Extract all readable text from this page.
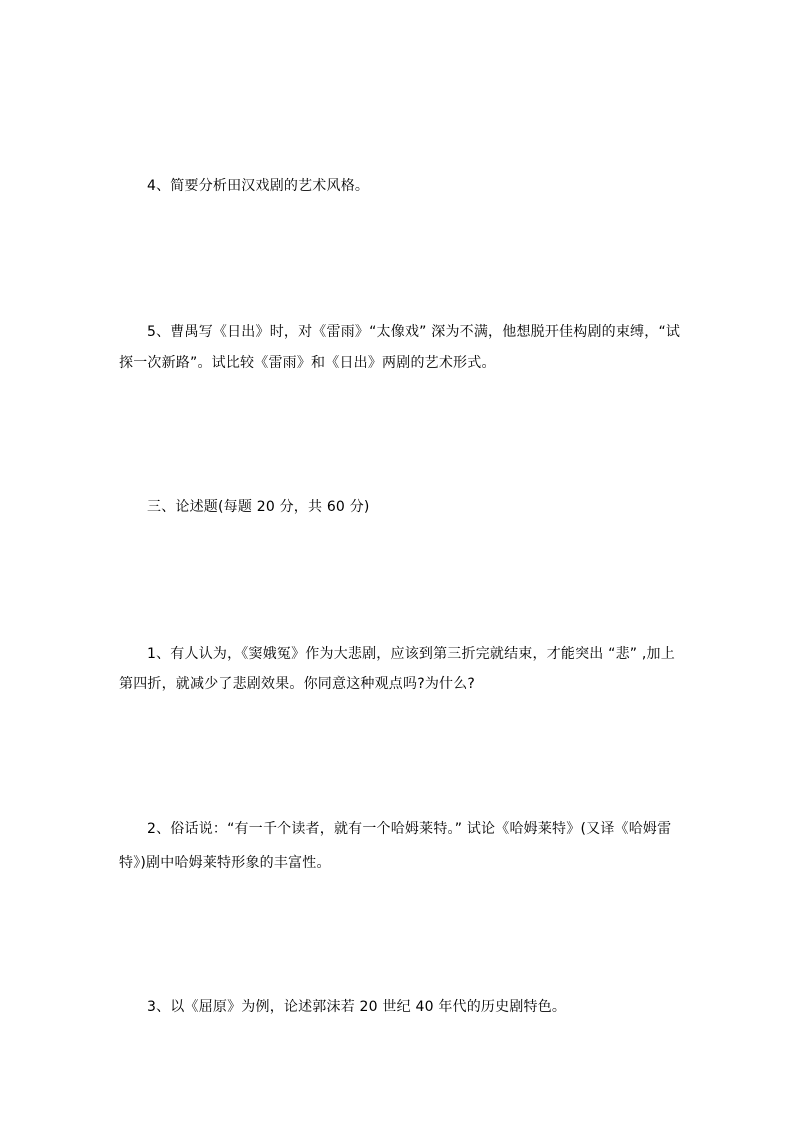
4、简要分析田汉戏剧的艺术风格。
5、曹禺写《日出》时，对《雷雨》“太像戏” 深为不满，他想脱开佳构剧的束缚，“试
探一次新路”。试比较《雷雨》和《日出》两剧的艺术形式。
三、论述题(每题 20 分，共 60 分)
1、有人认为，《窦娥冤》作为大悲剧，应该到第三折完就结束，才能突出 “悲” ,加上
第四折，就减少了悲剧效果。你同意这种观点吗?为什么?
2、俗话说：“有一千个读者，就有一个哈姆莱特。” 试论《哈姆莱特》(又译《哈姆雷
特》)剧中哈姆莱特形象的丰富性。
3、以《屈原》为例，论述郭沫若 20 世纪 40 年代的历史剧特色。
